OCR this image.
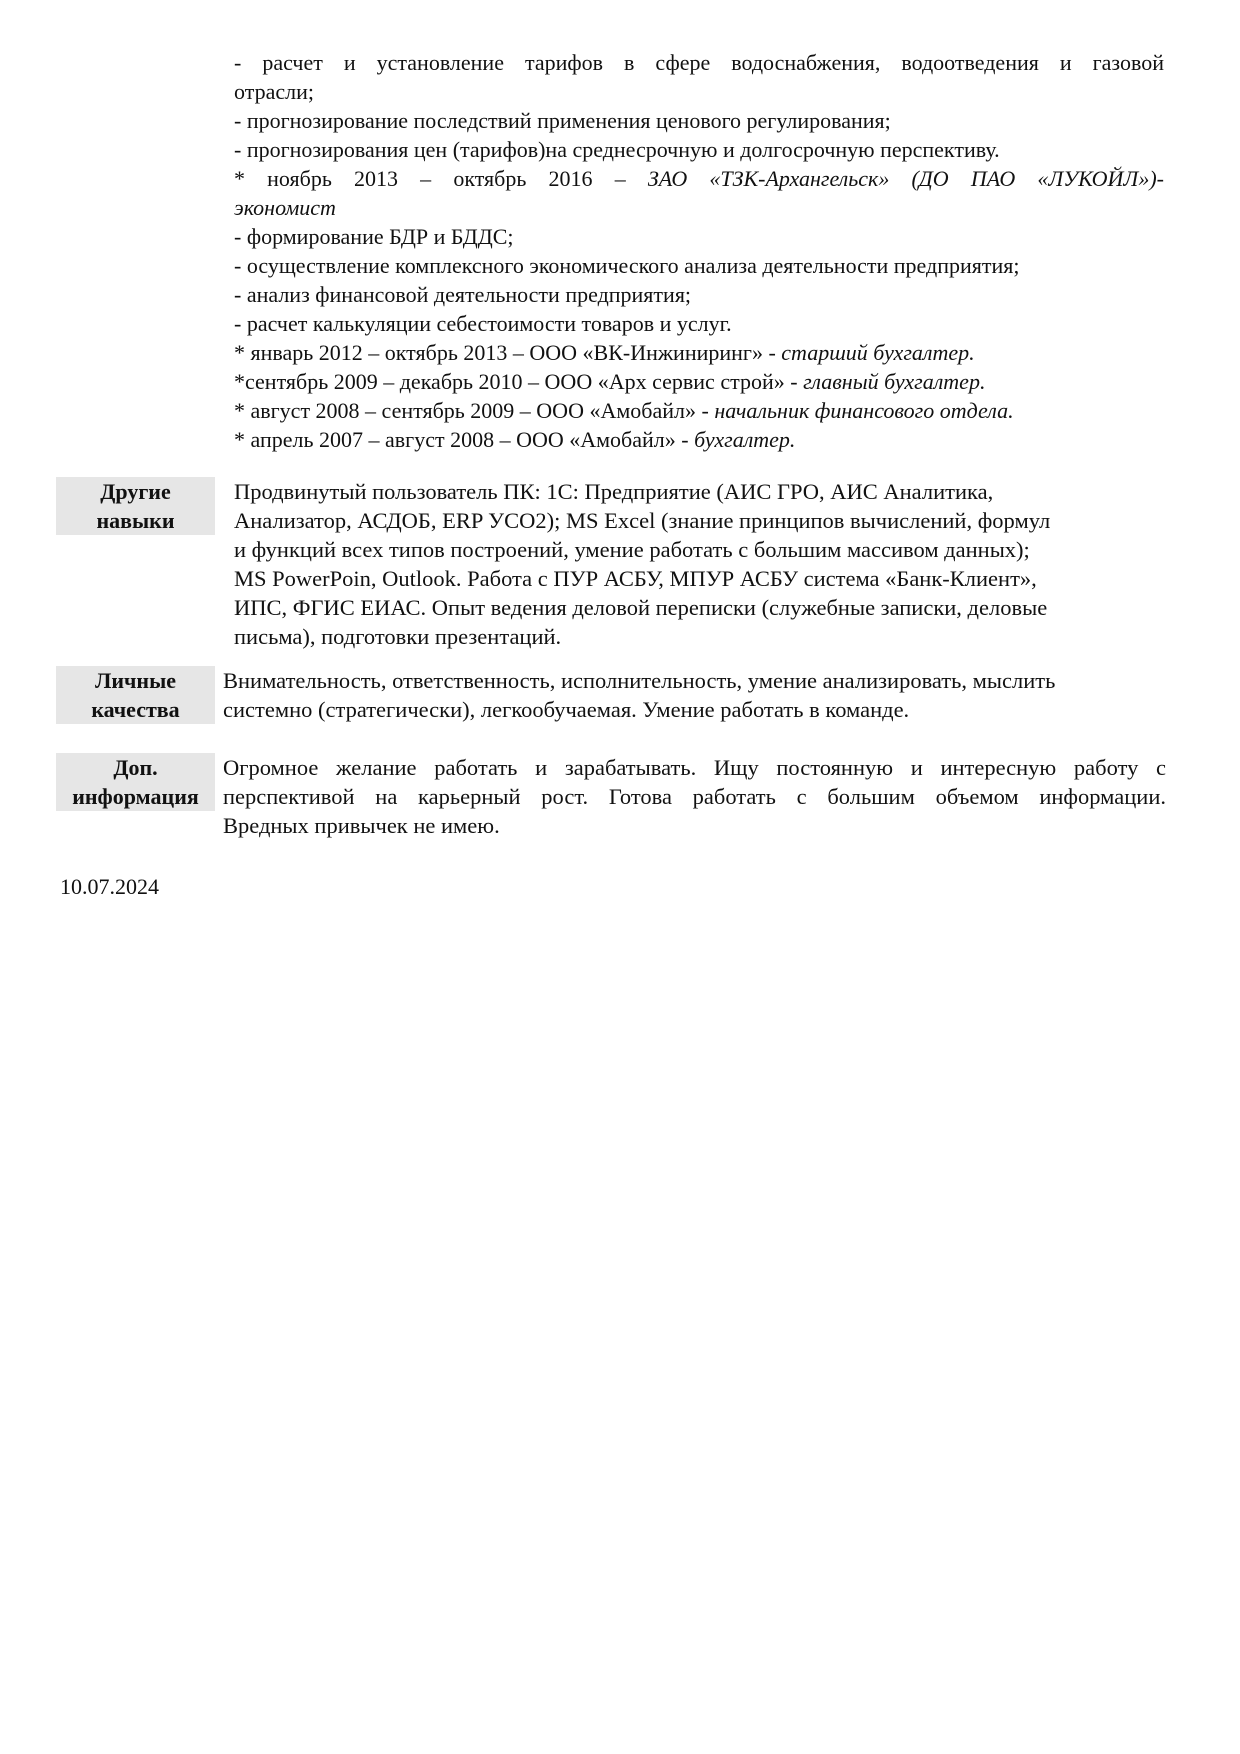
- расчет и установление тарифов в сфере водоснабжения, водоотведения и газовой
отрасли;
- прогнозирование последствий применения ценового регулирования;
- прогнозирования цен (тарифов)на среднесрочную и долгосрочную перспективу.
* ноябрь 2013 – октябрь 2016 – ЗАО «ТЗК-Архангельск» (ДО ПАО «ЛУКОЙЛ»)-
экономист
- формирование БДР и БДДС;
- осуществление комплексного экономического анализа деятельности предприятия;
- анализ финансовой деятельности предприятия;
- расчет калькуляции себестоимости товаров и услуг.
* январь 2012 – октябрь 2013 – ООО «ВК-Инжиниринг» - старший бухгалтер.
*сентябрь 2009 – декабрь 2010 – ООО «Арх сервис строй» - главный бухгалтер.
* август 2008 – сентябрь 2009 – ООО «Амобайл» - начальник финансового отдела.
* апрель 2007 – август 2008 – ООО «Амобайл» - бухгалтер.
Другие
навыки
Продвинутый пользователь ПК: 1С: Предприятие (АИС ГРО, АИС Аналитика,
Анализатор, АСДОБ, ERP УСО2); MS Excel (знание принципов вычислений, формул
и функций всех типов построений, умение работать с большим массивом данных);
MS PowerPoin, Outlook. Работа с ПУР АСБУ, МПУР АСБУ система «Банк-Клиент»,
ИПС, ФГИС ЕИАС. Опыт ведения деловой переписки (служебные записки, деловые
письма), подготовки презентаций.
Личные
качества
Внимательность, ответственность, исполнительность, умение анализировать, мыслить
системно (стратегически), легкообучаемая. Умение работать в команде.
Доп.
информация
Огромное желание работать и зарабатывать. Ищу постоянную и интересную работу с
перспективой на карьерный рост. Готова работать с большим объемом информации.
Вредных привычек не имею.
10.07.2024
